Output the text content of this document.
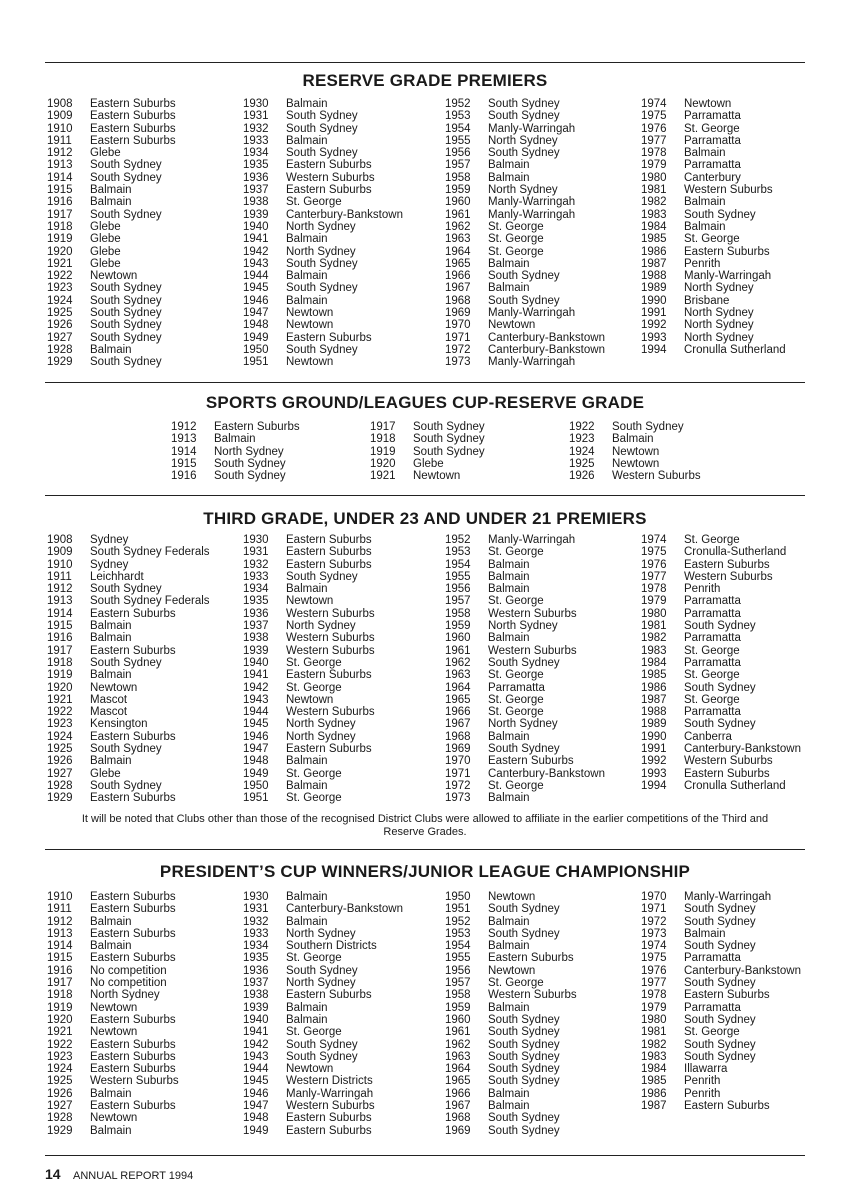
RESERVE GRADE PREMIERS
1908 Eastern Suburbs
1909 Eastern Suburbs
1910 Eastern Suburbs
1911 Eastern Suburbs
1912 Glebe
1913 South Sydney
1914 South Sydney
1915 Balmain
1916 Balmain
1917 South Sydney
1918 Glebe
1919 Glebe
1920 Glebe
1921 Glebe
1922 Newtown
1923 South Sydney
1924 South Sydney
1925 South Sydney
1926 South Sydney
1927 South Sydney
1928 Balmain
1929 South Sydney
1930 Balmain
1931 South Sydney
1932 South Sydney
1933 Balmain
1934 South Sydney
1935 Eastern Suburbs
1936 Western Suburbs
1937 Eastern Suburbs
1938 St. George
1939 Canterbury-Bankstown
1940 North Sydney
1941 Balmain
1942 North Sydney
1943 South Sydney
1944 Balmain
1945 South Sydney
1946 Balmain
1947 Newtown
1948 Newtown
1949 Eastern Suburbs
1950 South Sydney
1951 Newtown
1952 South Sydney
1953 South Sydney
1954 Manly-Warringah
1955 North Sydney
1956 South Sydney
1957 Balmain
1958 Balmain
1959 North Sydney
1960 Manly-Warringah
1961 Manly-Warringah
1962 St. George
1963 St. George
1964 St. George
1965 Balmain
1966 South Sydney
1967 Balmain
1968 South Sydney
1969 Manly-Warringah
1970 Newtown
1971 Canterbury-Bankstown
1972 Canterbury-Bankstown
1973 Manly-Warringah
1974 Newtown
1975 Parramatta
1976 St. George
1977 Parramatta
1978 Balmain
1979 Parramatta
1980 Canterbury
1981 Western Suburbs
1982 Balmain
1983 South Sydney
1984 Balmain
1985 St. George
1986 Eastern Suburbs
1987 Penrith
1988 Manly-Warringah
1989 North Sydney
1990 Brisbane
1991 North Sydney
1992 North Sydney
1993 North Sydney
1994 Cronulla Sutherland
SPORTS GROUND/LEAGUES CUP-RESERVE GRADE
1912 Eastern Suburbs
1913 Balmain
1914 North Sydney
1915 South Sydney
1916 South Sydney
1917 South Sydney
1918 South Sydney
1919 South Sydney
1920 Glebe
1921 Newtown
1922 South Sydney
1923 Balmain
1924 Newtown
1925 Newtown
1926 Western Suburbs
THIRD GRADE, UNDER 23 AND UNDER 21 PREMIERS
1908 Sydney
1909 South Sydney Federals
1910 Sydney
1911 Leichhardt
1912 South Sydney
1913 South Sydney Federals
1914 Eastern Suburbs
1915 Balmain
1916 Balmain
1917 Eastern Suburbs
1918 South Sydney
1919 Balmain
1920 Newtown
1921 Mascot
1922 Mascot
1923 Kensington
1924 Eastern Suburbs
1925 South Sydney
1926 Balmain
1927 Glebe
1928 South Sydney
1929 Eastern Suburbs
1930 Eastern Suburbs
1931 Eastern Suburbs
1932 Eastern Suburbs
1933 South Sydney
1934 Balmain
1935 Newtown
1936 Western Suburbs
1937 North Sydney
1938 Western Suburbs
1939 Western Suburbs
1940 St. George
1941 Eastern Suburbs
1942 St. George
1943 Newtown
1944 Western Suburbs
1945 North Sydney
1946 North Sydney
1947 Eastern Suburbs
1948 Balmain
1949 St. George
1950 Balmain
1951 St. George
1952 Manly-Warringah
1953 St. George
1954 Balmain
1955 Balmain
1956 Balmain
1957 St. George
1958 Western Suburbs
1959 North Sydney
1960 Balmain
1961 Western Suburbs
1962 South Sydney
1963 St. George
1964 Parramatta
1965 St. George
1966 St. George
1967 North Sydney
1968 Balmain
1969 South Sydney
1970 Eastern Suburbs
1971 Canterbury-Bankstown
1972 St. George
1973 Balmain
1974 St. George
1975 Cronulla-Sutherland
1976 Eastern Suburbs
1977 Western Suburbs
1978 Penrith
1979 Parramatta
1980 Parramatta
1981 South Sydney
1982 Parramatta
1983 St. George
1984 Parramatta
1985 St. George
1986 South Sydney
1987 St. George
1988 Parramatta
1989 South Sydney
1990 Canberra
1991 Canterbury-Bankstown
1992 Western Suburbs
1993 Eastern Suburbs
1994 Cronulla Sutherland
It will be noted that Clubs other than those of the recognised District Clubs were allowed to affiliate in the earlier competitions of the Third and
Reserve Grades.
PRESIDENT’S CUP WINNERS/JUNIOR LEAGUE CHAMPIONSHIP
1910 Eastern Suburbs
1911 Eastern Suburbs
1912 Balmain
1913 Eastern Suburbs
1914 Balmain
1915 Eastern Suburbs
1916 No competition
1917 No competition
1918 North Sydney
1919 Newtown
1920 Eastern Suburbs
1921 Newtown
1922 Eastern Suburbs
1923 Eastern Suburbs
1924 Eastern Suburbs
1925 Western Suburbs
1926 Balmain
1927 Eastern Suburbs
1928 Newtown
1929 Balmain
1930 Balmain
1931 Canterbury-Bankstown
1932 Balmain
1933 North Sydney
1934 Southern Districts
1935 St. George
1936 South Sydney
1937 North Sydney
1938 Eastern Suburbs
1939 Balmain
1940 Balmain
1941 St. George
1942 South Sydney
1943 South Sydney
1944 Newtown
1945 Western Districts
1946 Manly-Warringah
1947 Western Suburbs
1948 Eastern Suburbs
1949 Eastern Suburbs
1950 Newtown
1951 South Sydney
1952 Balmain
1953 South Sydney
1954 Balmain
1955 Eastern Suburbs
1956 Newtown
1957 St. George
1958 Western Suburbs
1959 Balmain
1960 South Sydney
1961 South Sydney
1962 South Sydney
1963 South Sydney
1964 South Sydney
1965 South Sydney
1966 Balmain
1967 Balmain
1968 South Sydney
1969 South Sydney
1970 Manly-Warringah
1971 South Sydney
1972 South Sydney
1973 Balmain
1974 South Sydney
1975 Parramatta
1976 Canterbury-Bankstown
1977 South Sydney
1978 Eastern Suburbs
1979 Parramatta
1980 South Sydney
1981 St. George
1982 South Sydney
1983 South Sydney
1984 Illawarra
1985 Penrith
1986 Penrith
1987 Eastern Suburbs
14 ANNUAL REPORT 1994
